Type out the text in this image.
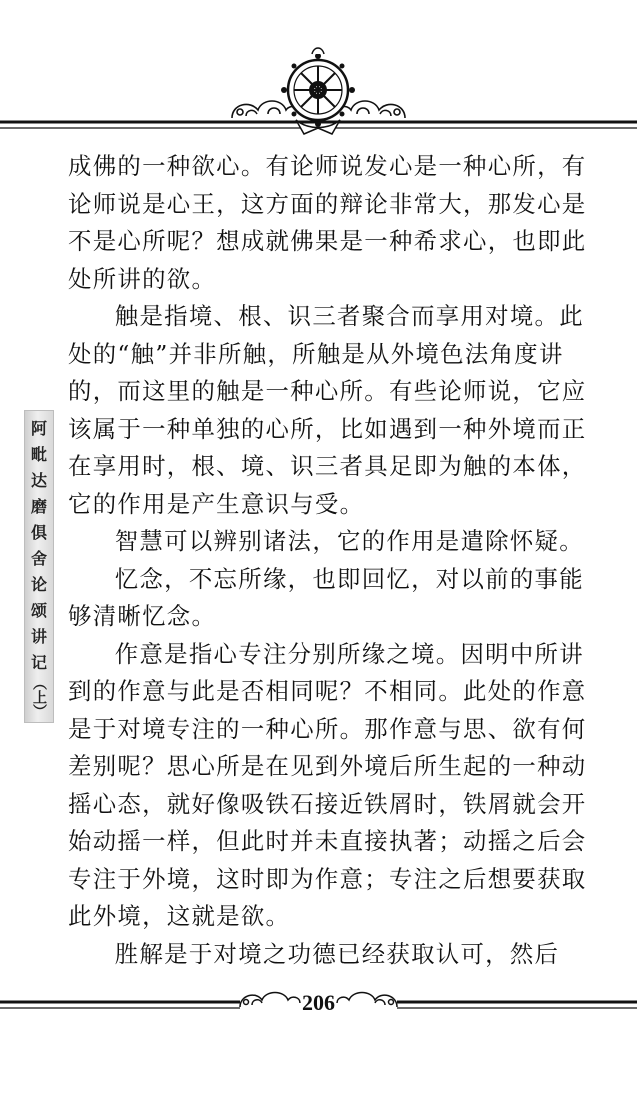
阿
毗
达
磨
俱
舍
论
颂
讲
记
（上）

成佛的一种欲心。有论师说发心是一种心所，有论师说是心王，这方面的辩论非常大，那发心是不是心所呢？想成就佛果是一种希求心，也即此处所讲的欲。

触是指境、根、识三者聚合而享用对境。此处的“触”并非所触，所触是从外境色法角度讲的，而这里的触是一种心所。有些论师说，它应该属于一种单独的心所，比如遇到一种外境而正在享用时，根、境、识三者具足即为触的本体，它的作用是产生意识与受。

智慧可以辨别诸法，它的作用是遣除怀疑。

忆念，不忘所缘，也即回忆，对以前的事能够清晰忆念。

作意是指心专注分别所缘之境。因明中所讲到的作意与此是否相同呢？不相同。此处的作意是于对境专注的一种心所。那作意与思、欲有何差别呢？思心所是在见到外境后所生起的一种动摇心态，就好像吸铁石接近铁屑时，铁屑就会开始动摇一样，但此时并未直接执著；动摇之后会专注于外境，这时即为作意；专注之后想要获取此外境，这就是欲。

胜解是于对境之功德已经获取认可，然后

206
